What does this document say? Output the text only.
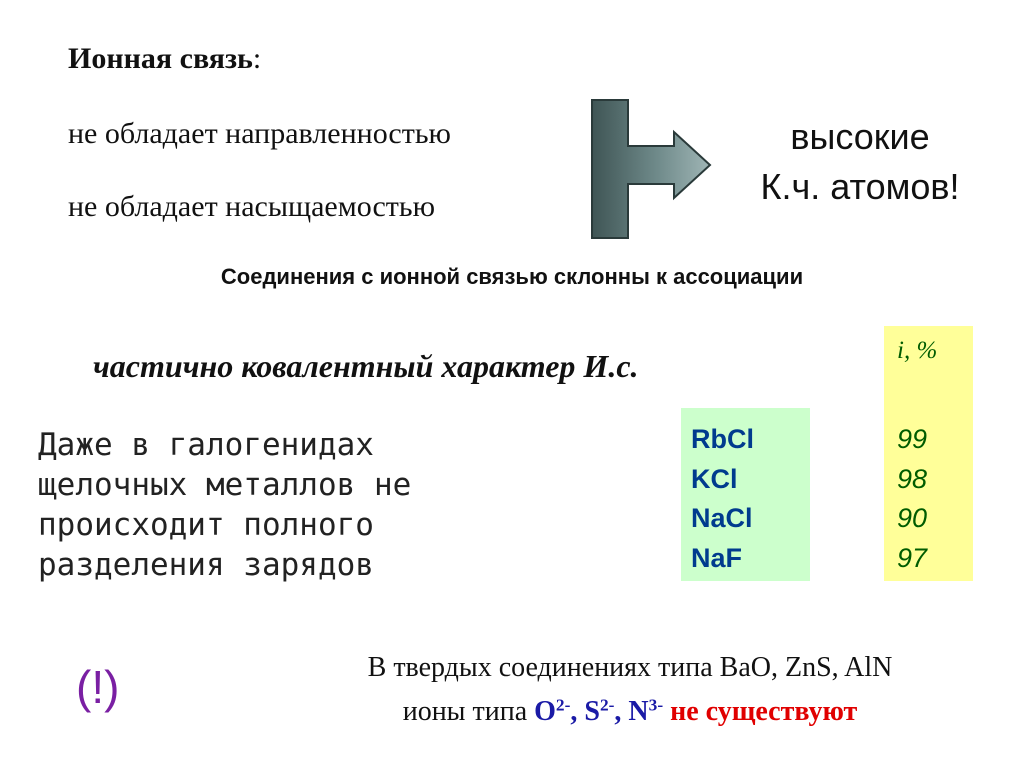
Ионная связь:
не обладает направленностью
не обладает насыщаемостью
высокие
К.ч. атомов!
Соединения с ионной связью склонны к ассоциации
частично ковалентный характер И.с.
Даже в галогенидах
щелочных металлов не
происходит полного
разделения зарядов
RbCl
KCl
NaCl
NaF
i, %
99
98
90
97
(!)	В твердых соединениях типа BaO, ZnS, AlN
ионы типа $O^{2-}$, $S^{2-}$, $N^{3-}$ не существуют
